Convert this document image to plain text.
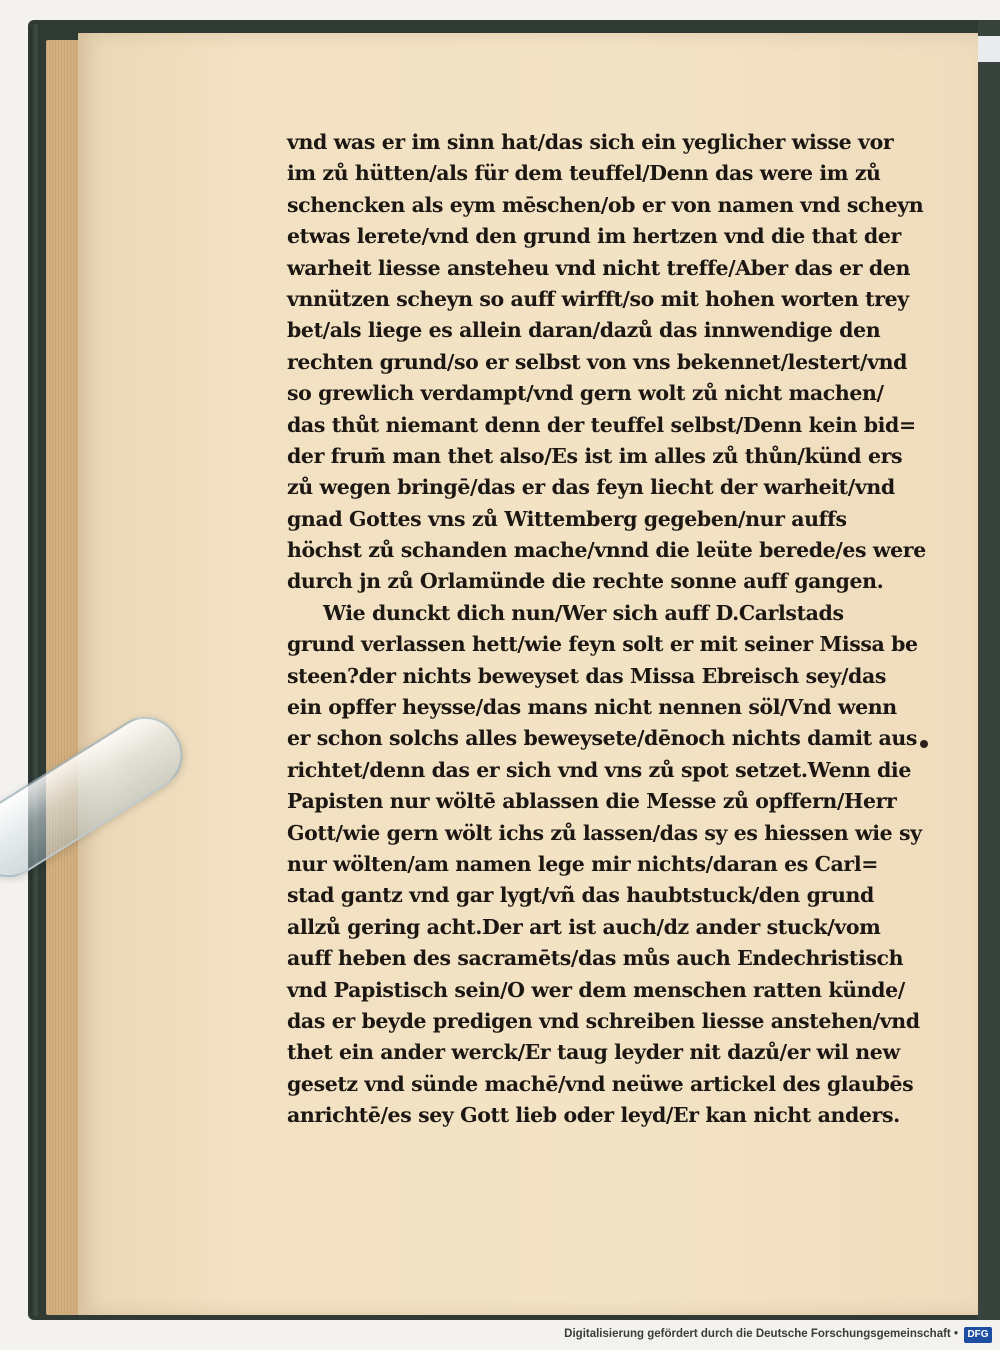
vnd was er im sinn hat/das sich ein yeglicher wisse vor
im zů hütten/als für dem teuffel/Denn das were im zů
schencken als eym mēschen/ob er von namen vnd scheyn
etwas lerete/vnd den grund im hertzen vnd die that der
warheit liesse ansteheu vnd nicht treffe/Aber das er den
vnnützen scheyn so auff wirfft/so mit hohen worten trey
bet/als liege es allein daran/dazů das innwendige den
rechten grund/so er selbst von vns bekennet/lestert/vnd
so grewlich verdampt/vnd gern wolt zů nicht machen/
das thůt niemant denn der teuffel selbst/Denn kein bid=
der frum̄ man thet also/Es ist im alles zů thůn/künd ers
zů wegen bringē/das er das feyn liecht der warheit/vnd
gnad Gottes vns zů Wittemberg gegeben/nur auffs
höchst zů schanden mache/vnnd die leüte berede/es were
durch jn zů Orlamünde die rechte sonne auff gangen.
Wie dunckt dich nun/Wer sich auff D.Carlstads
grund verlassen hett/wie feyn solt er mit seiner Missa be
steen?der nichts beweyset das Missa Ebreisch sey/das
ein opffer heysse/das mans nicht nennen söl/Vnd wenn
er schon solchs alles beweysete/dēnoch nichts damit aus
richtet/denn das er sich vnd vns zů spot setzet.Wenn die
Papisten nur wöltē ablassen die Messe zů opffern/Herr
Gott/wie gern wölt ichs zů lassen/das sy es hiessen wie sy
nur wölten/am namen lege mir nichts/daran es Carl=
stad gantz vnd gar lygt/vñ das haubtstuck/den grund
allzů gering acht.Der art ist auch/dz ander stuck/vom
auff heben des sacramēts/das můs auch Endechristisch
vnd Papistisch sein/O wer dem menschen ratten künde/
das er beyde predigen vnd schreiben liesse anstehen/vnd
thet ein ander werck/Er taug leyder nit dazů/er wil new
gesetz vnd sünde machē/vnd neüwe artickel des glaubēs
anrichtē/es sey Gott lieb oder leyd/Er kan nicht anders.
Digitalisierung gefördert durch die Deutsche Forschungsgemeinschaft • DFG
